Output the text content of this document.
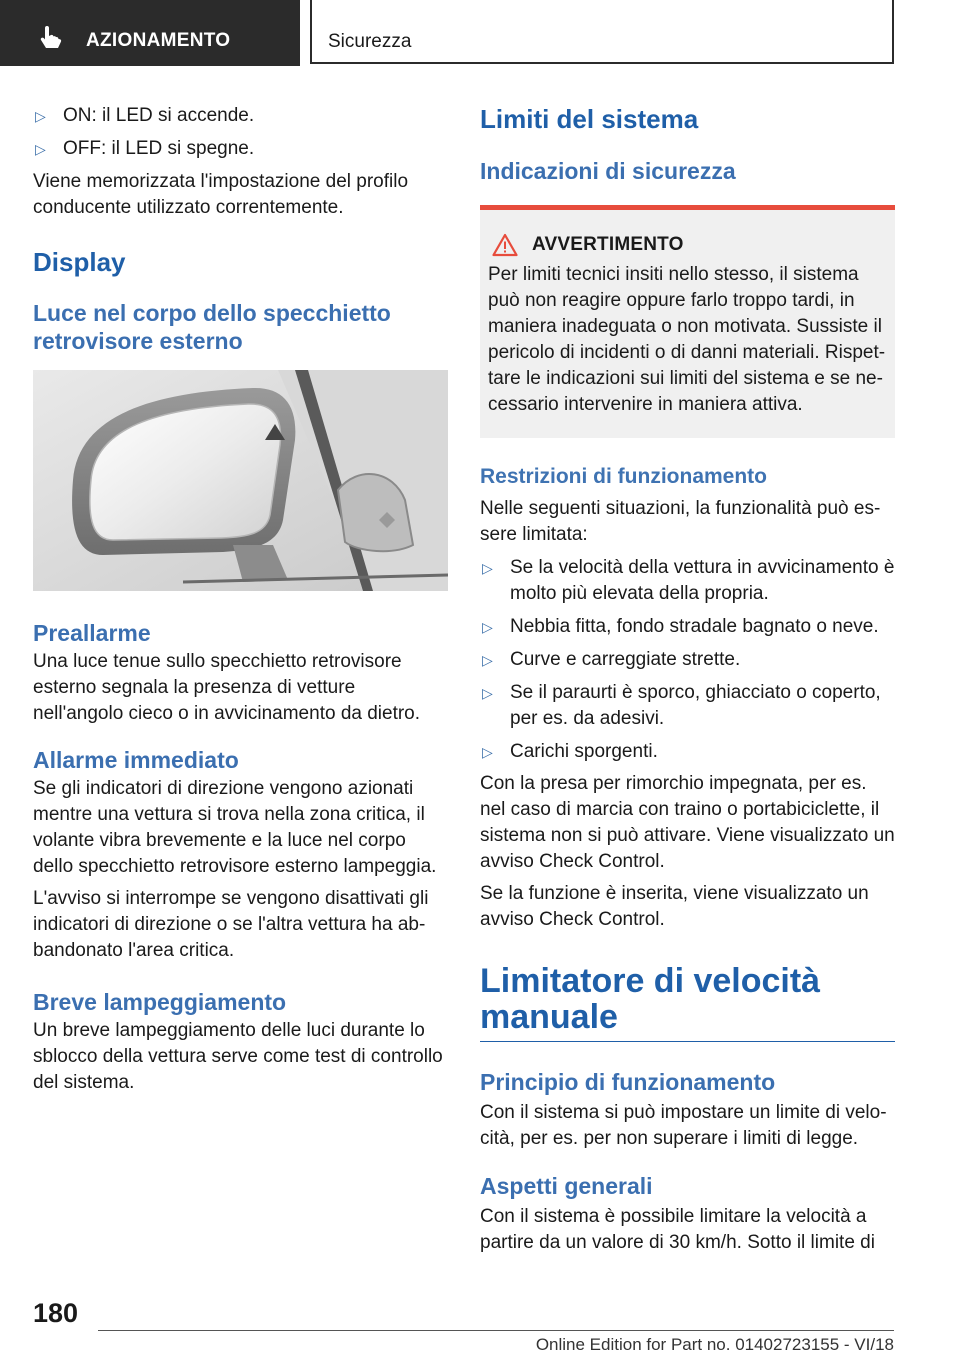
AZIONAMENTO	Sicurezza
▷ ON: il LED si accende.
▷ OFF: il LED si spegne.

Viene memorizzata l'impostazione del profilo conducente utilizzato correntemente.

Display
Luce nel corpo dello specchietto retrovisore esterno
Preallarme

Una luce tenue sullo specchietto retrovisore esterno segnala la presenza di vetture nell'angolo cieco o in avvicinamento da dietro.

Allarme immediato

Se gli indicatori di direzione vengono azionati mentre una vettura si trova nella zona critica, il volante vibra brevemente e la luce nel corpo dello specchietto retrovisore esterno lampeggia.

L'avviso si interrompe se vengono disattivati gli indicatori di direzione o se l'altra vettura ha abbandonato l'area critica.

Breve lampeggiamento

Un breve lampeggiamento delle luci durante lo sblocco della vettura serve come test di controllo del sistema.

Limiti del sistema
Indicazioni di sicurezza
AVVERTIMENTO

Per limiti tecnici insiti nello stesso, il sistema può non reagire oppure farlo troppo tardi, in maniera inadeguata o non motivata. Sussiste il pericolo di incidenti o di danni materiali. Rispettare le indicazioni sui limiti del sistema e se necessario intervenire in maniera attiva.

Restrizioni di funzionamento

Nelle seguenti situazioni, la funzionalità può essere limitata:

▷ Se la velocità della vettura in avvicinamento è molto più elevata della propria.
▷ Nebbia fitta, fondo stradale bagnato o neve.
▷ Curve e carreggiate strette.
▷ Se il paraurti è sporco, ghiacciato o coperto, per es. da adesivi.
▷ Carichi sporgenti.

Con la presa per rimorchio impegnata, per es. nel caso di marcia con traino o portabiciclette, il sistema non si può attivare. Viene visualizzato un avviso Check Control.

Se la funzione è inserita, viene visualizzato un avviso Check Control.

Limitatore di velocità manuale
Principio di funzionamento

Con il sistema si può impostare un limite di velocità, per es. per non superare i limiti di legge.

Aspetti generali

Con il sistema è possibile limitare la velocità a partire da un valore di 30 km/h. Sotto il limite di

180
Online Edition for Part no. 01402723155 - VI/18
